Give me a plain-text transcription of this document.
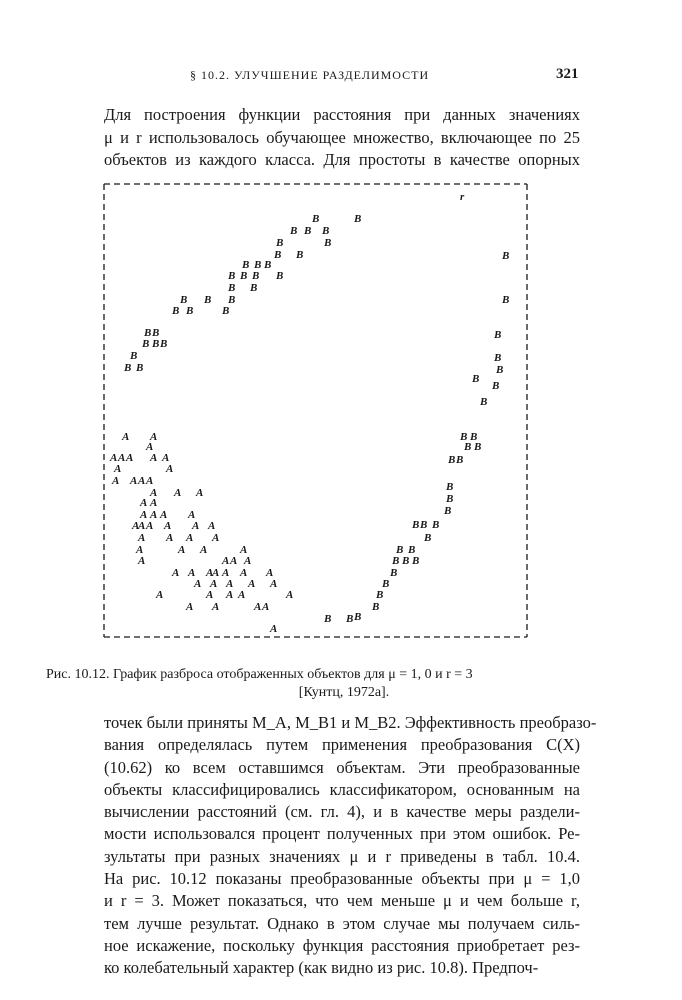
§ 10.2. УЛУЧШЕНИЕ РАЗДЕЛИМОСТИ	321
Для построения функции расстояния при данных значениях
μ и r использовалось обучающее множество, включающее по 25
объектов из каждого класса. Для простоты в качестве опорных
B	B
B B B
B	B
B B
B B B
B B B B
B B
B B B
B B	B
B B
B B B
B
B B
B
B
B
B
B
B
B
B
B B
B B
B B
B
B
B
B B B
B
B B
B B B
B
B
B
B
B
B B
A A
A
A A A A A
A	A
A A A A
A A A
A A
A A A A
A
A A A A A
A A A A
A	A A	A
A A A
A
A A A
A A A A
A A A A A
A	A A A	A
A A	A A
A
r
Рис. 10.12. График разброса отображенных объектов для μ = 1, 0 и r = 3
[Кунтц, 1972a].
точек были приняты M_A, M_B1 и M_B2. Эффективность преобразо-
вания определялась путем применения преобразования C(X)
(10.62) ко всем оставшимся объектам. Эти преобразованные
объекты классифицировались классификатором, основанным на
вычислении расстояний (см. гл. 4), и в качестве меры раздели-
мости использовался процент полученных при этом ошибок. Ре-
зультаты при разных значениях μ и r приведены в табл. 10.4.
На рис. 10.12 показаны преобразованные объекты при μ = 1,0
и r = 3. Может показаться, что чем меньше μ и чем больше r,
тем лучше результат. Однако в этом случае мы получаем силь-
ное искажение, поскольку функция расстояния приобретает рез-
ко колебательный характер (как видно из рис. 10.8). Предпоч-
